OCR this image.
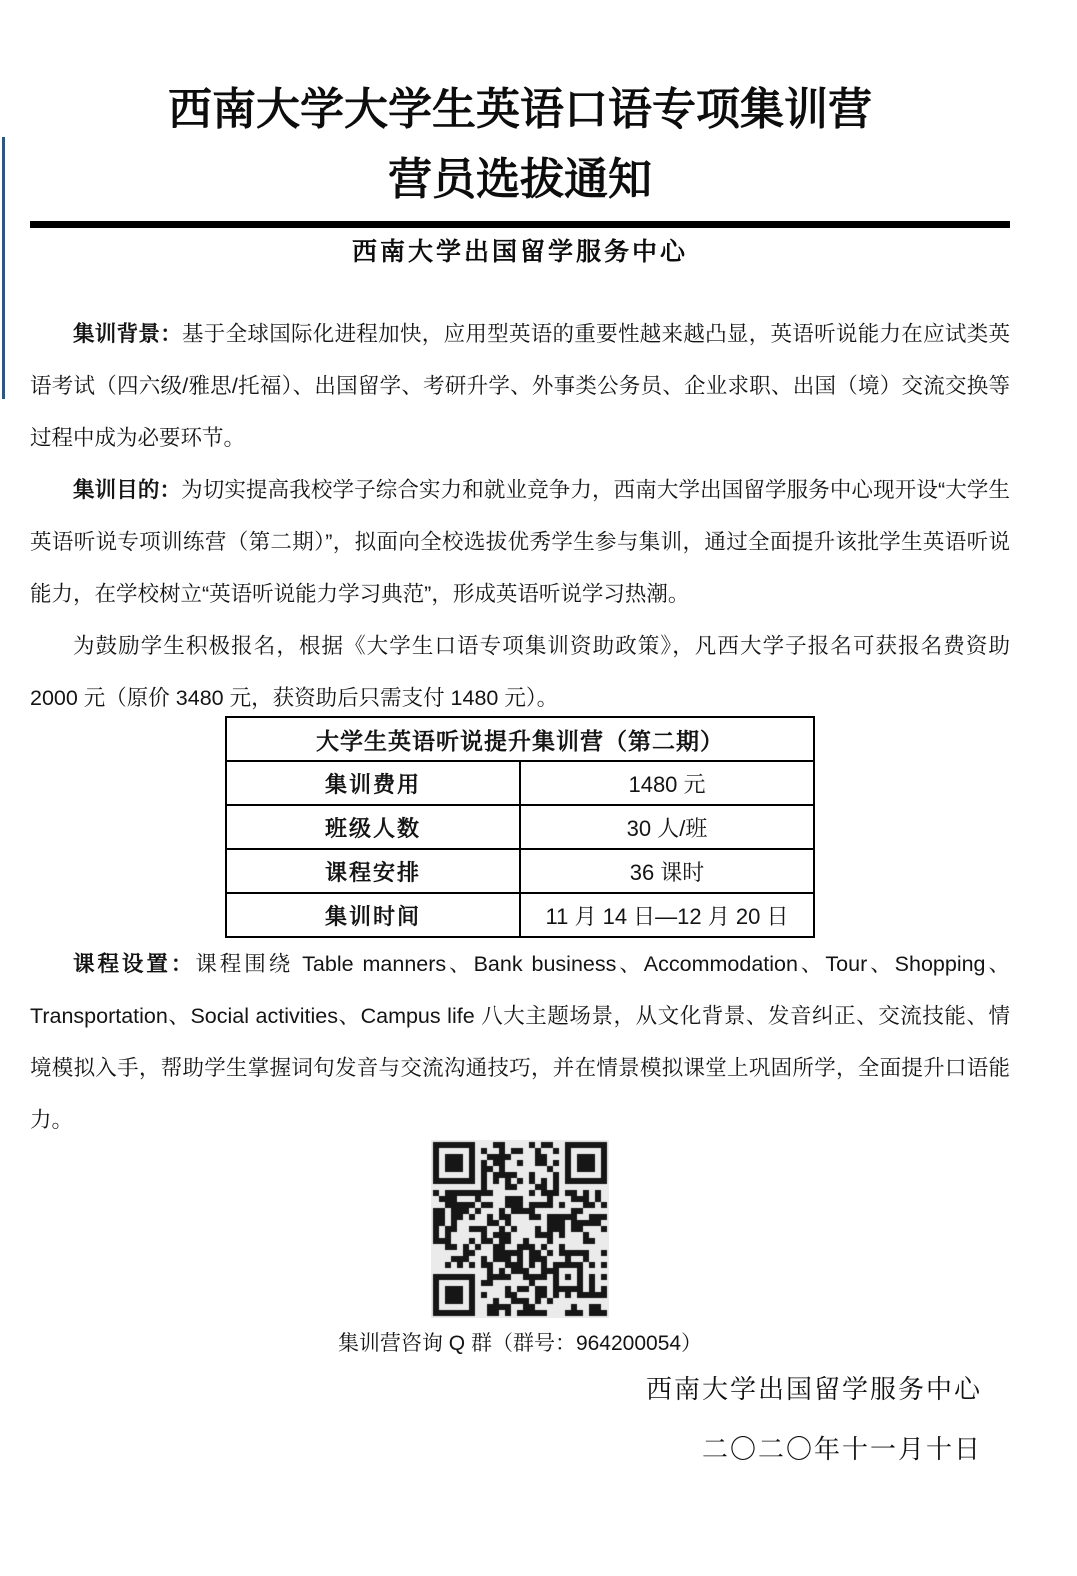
西南大学大学生英语口语专项集训营
营员选拔通知
西南大学出国留学服务中心

集训背景：基于全球国际化进程加快，应用型英语的重要性越来越凸显，英语听说能力在应试类英语考试（四六级/雅思/托福）、出国留学、考研升学、外事类公务员、企业求职、出国（境）交流交换等过程中成为必要环节。

集训目的：为切实提高我校学子综合实力和就业竞争力，西南大学出国留学服务中心现开设“大学生英语听说专项训练营（第二期）”，拟面向全校选拔优秀学生参与集训，通过全面提升该批学生英语听说能力，在学校树立“英语听说能力学习典范”，形成英语听说学习热潮。

为鼓励学生积极报名，根据《大学生口语专项集训资助政策》，凡西大学子报名可获报名费资助 2000 元（原价 3480 元，获资助后只需支付 1480 元）。

大学生英语听说提升集训营（第二期）	
集训费用	1480 元
班级人数	30 人/班
课程安排	36 课时
集训时间	11 月 14 日—12 月 20 日

课程设置：课程围绕 Table manners、Bank business、Accommodation、Tour、Shopping、Transportation、Social activities、Campus life 八大主题场景，从文化背景、发音纠正、交流技能、情境模拟入手，帮助学生掌握词句发音与交流沟通技巧，并在情景模拟课堂上巩固所学，全面提升口语能力。

集训营咨询 Q 群（群号：964200054）
西南大学出国留学服务中心
二〇二〇年十一月十日
